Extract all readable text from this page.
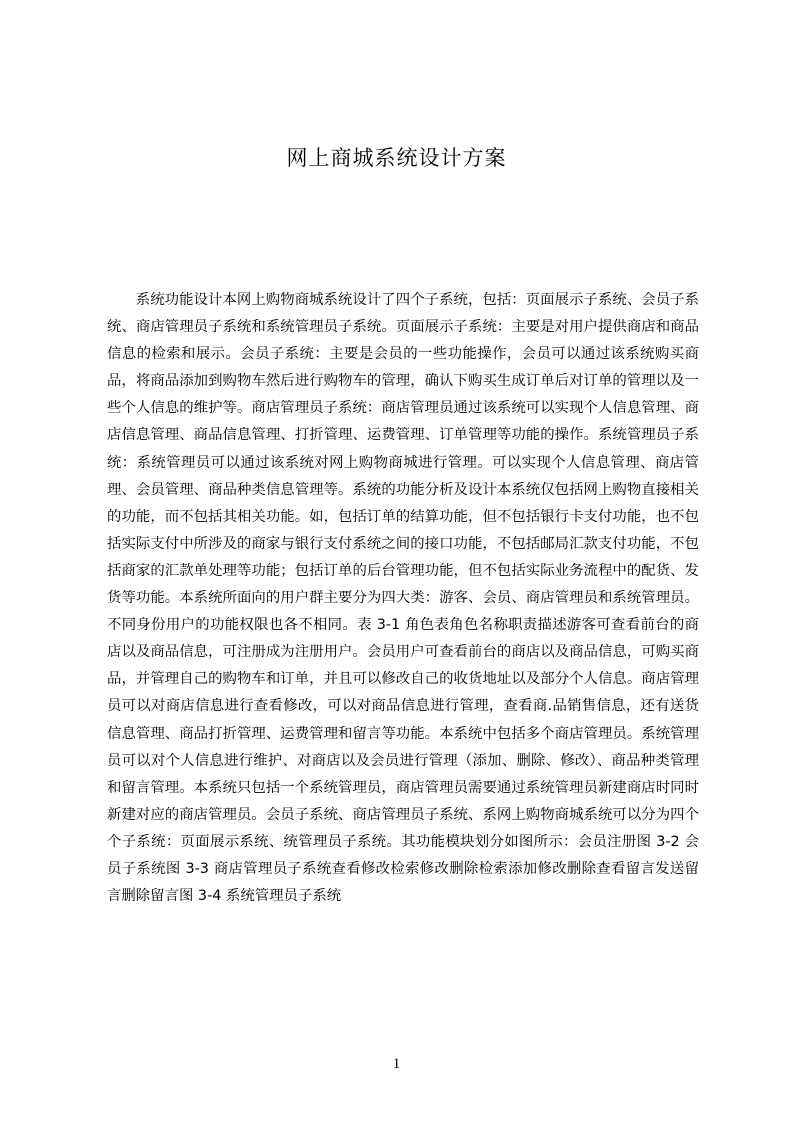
网上商城系统设计方案

系统功能设计本网上购物商城系统设计了四个子系统，包括：页面展示子系统、会员子系统、商店管理员子系统和系统管理员子系统。页面展示子系统：主要是对用户提供商店和商品信息的检索和展示。会员子系统：主要是会员的一些功能操作，会员可以通过该系统购买商品，将商品添加到购物车然后进行购物车的管理，确认下购买生成订单后对订单的管理以及一些个人信息的维护等。商店管理员子系统：商店管理员通过该系统可以实现个人信息管理、商店信息管理、商品信息管理、打折管理、运费管理、订单管理等功能的操作。系统管理员子系统：系统管理员可以通过该系统对网上购物商城进行管理。可以实现个人信息管理、商店管理、会员管理、商品种类信息管理等。系统的功能分析及设计本系统仅包括网上购物直接相关的功能，而不包括其相关功能。如，包括订单的结算功能，但不包括银行卡支付功能，也不包括实际支付中所涉及的商家与银行支付系统之间的接口功能，不包括邮局汇款支付功能，不包括商家的汇款单处理等功能；包括订单的后台管理功能，但不包括实际业务流程中的配货、发货等功能。本系统所面向的用户群主要分为四大类：游客、会员、商店管理员和系统管理员。不同身份用户的功能权限也各不相同。表 3-1 角色表角色名称职责描述游客可查看前台的商店以及商品信息，可注册成为注册用户。会员用户可查看前台的商店以及商品信息，可购买商品，并管理自己的购物车和订单，并且可以修改自己的收货地址以及部分个人信息。商店管理员可以对商店信息进行查看修改，可以对商品信息进行管理，查看商.品销售信息，还有送货信息管理、商品打折管理、运费管理和留言等功能。本系统中包括多个商店管理员。系统管理员可以对个人信息进行维护、对商店以及会员进行管理（添加、删除、修改）、商品种类管理和留言管理。本系统只包括一个系统管理员，商店管理员需要通过系统管理员新建商店时同时新建对应的商店管理员。会员子系统、商店管理员子系统、系网上购物商城系统可以分为四个个子系统：页面展示系统、统管理员子系统。其功能模块划分如图所示：会员注册图 3-2 会员子系统图 3-3 商店管理员子系统查看修改检索修改删除检索添加修改删除查看留言发送留言删除留言图 3-4 系统管理员子系统

1
